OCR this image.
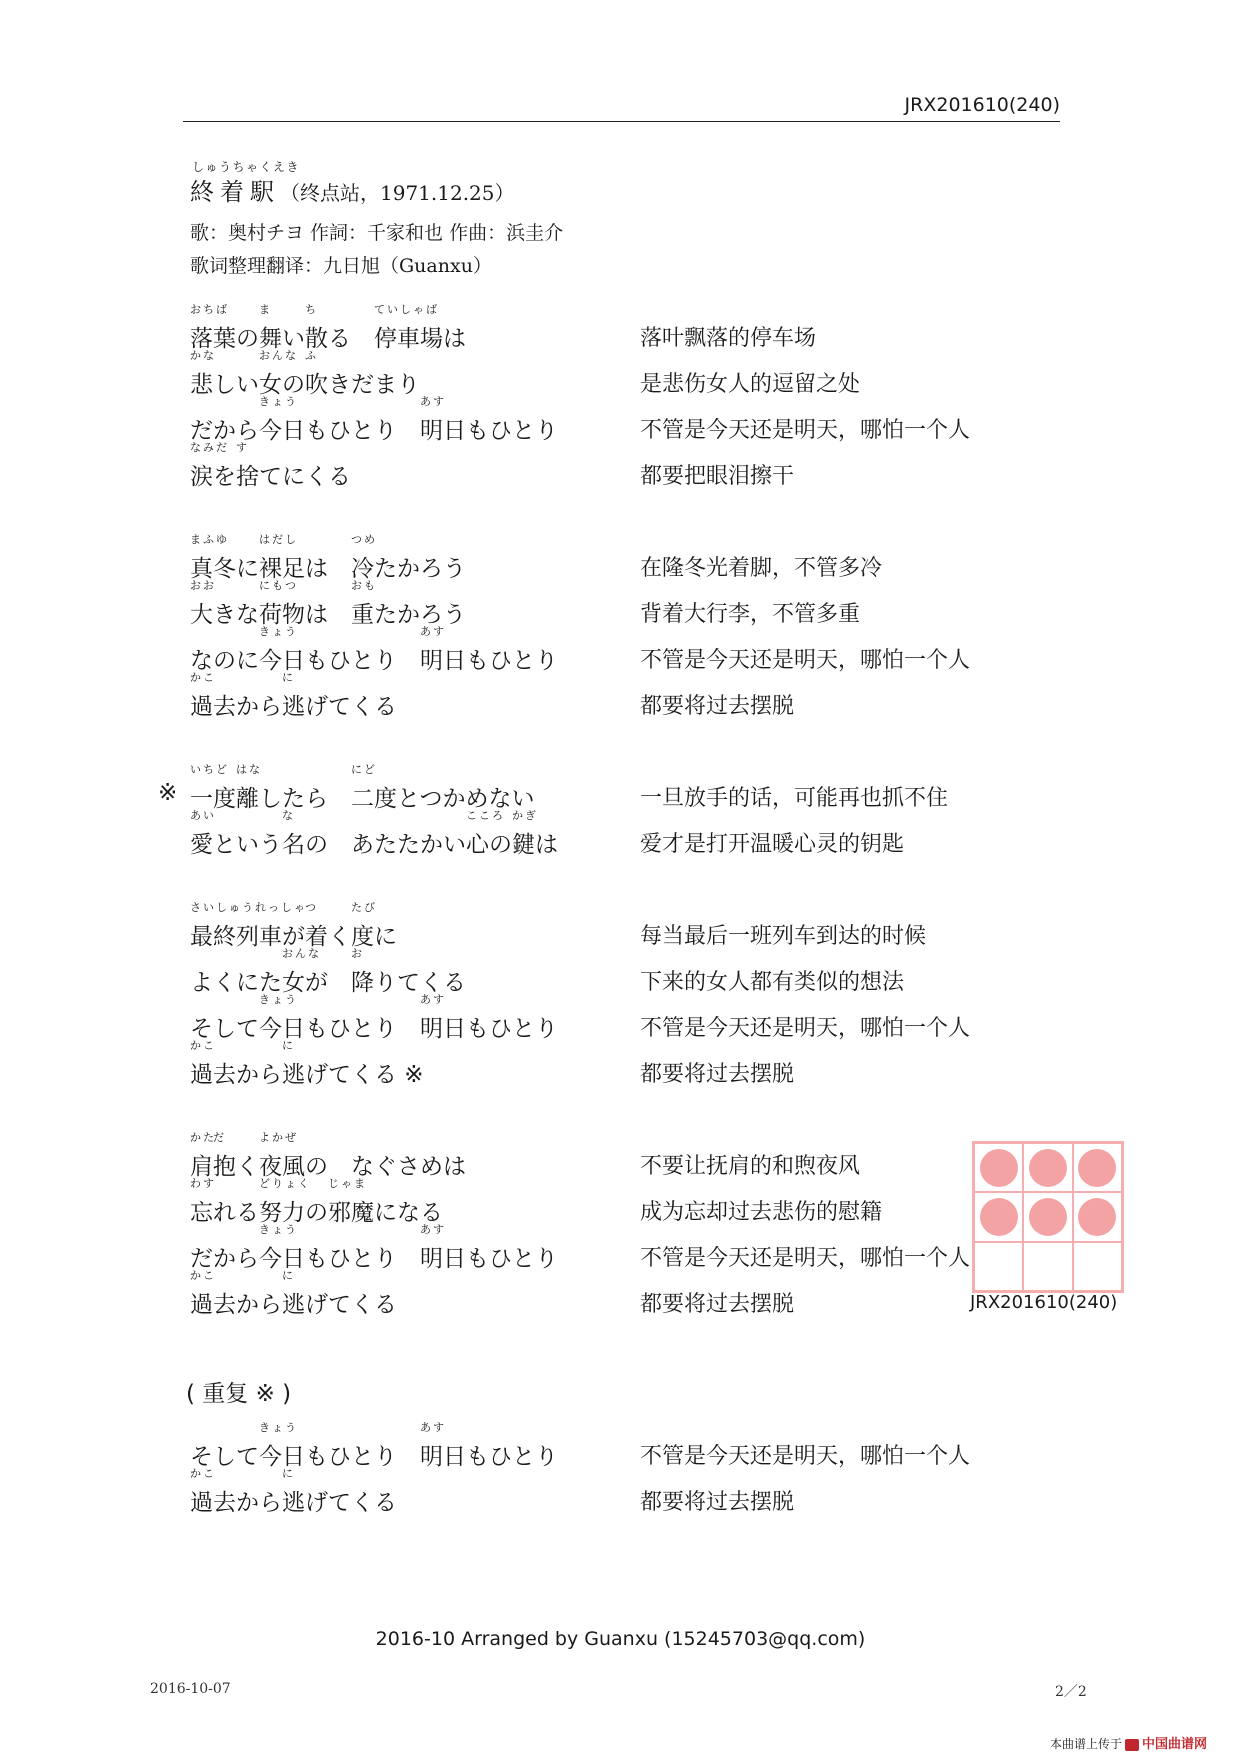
JRX201610(240)
しゅうちゃくえき
終着駅（终点站，1971.12.25）
歌：奥村チヨ 作詞：千家和也 作曲：浜圭介
歌词整理翻译：九日旭（Guanxu）
落葉
おちば
の舞
ま
い散
ち
る　停車場
ていしゃば
は	落叶飘落的停车场
悲
かな
しい女
おんな
の吹
ふ
きだまり	是悲伤女人的逗留之处
だから今日
きょう
もひとり　明日
あす
もひとり	不管是今天还是明天，哪怕一个人
涙
なみだ
を捨
す
てにくる	都要把眼泪擦干
真冬
まふゆ
に裸足
はだし
は　冷
つめ
たかろう	在隆冬光着脚，不管多冷
大
おお
きな荷物
にもつ
は　重
おも
たかろう	背着大行李，不管多重
なのに今日
きょう
もひとり　明日
あす
もひとり	不管是今天还是明天，哪怕一个人
過去
かこ
から逃
に
げてくる	都要将过去摆脱
一度
いちど
離
はな
したら　二度
にど
とつかめない
※	一旦放手的话，可能再也抓不住
愛
あい
という名
な
の　あたたかい心
こころ
の鍵
かぎ
は	爱才是打开温暖心灵的钥匙
最終列車
さいしゅうれっしゃ
が着
つ
く度
たび
に	每当最后一班列车到达的时候
よくにた女
おんな
が　降
お
りてくる	下来的女人都有类似的想法
そして今日
きょう
もひとり　明日
あす
もひとり	不管是今天还是明天，哪怕一个人
過去
かこ
から逃
に
げてくる ※	都要将过去摆脱
肩
かた
抱
だ
く夜風
よかぜ
の　なぐさめは	不要让抚肩的和煦夜风
忘
わす
れる努力
どりょく
の邪魔
じゃま
になる	成为忘却过去悲伤的慰籍
だから今日
きょう
もひとり　明日
あす
もひとり	不管是今天还是明天，哪怕一个人
過去
かこ
から逃
に
げてくる	都要将过去摆脱
そして今日
きょう
もひとり　明日
あす
もひとり	不管是今天还是明天，哪怕一个人
過去
かこ
から逃
に
げてくる	都要将过去摆脱
( 重复 ※ )
九 日 旭
JRX201610(240)
2016-10 Arranged by Guanxu (15245703@qq.com)
2016-10-07	2／2
本曲谱上传于 中国曲谱网
